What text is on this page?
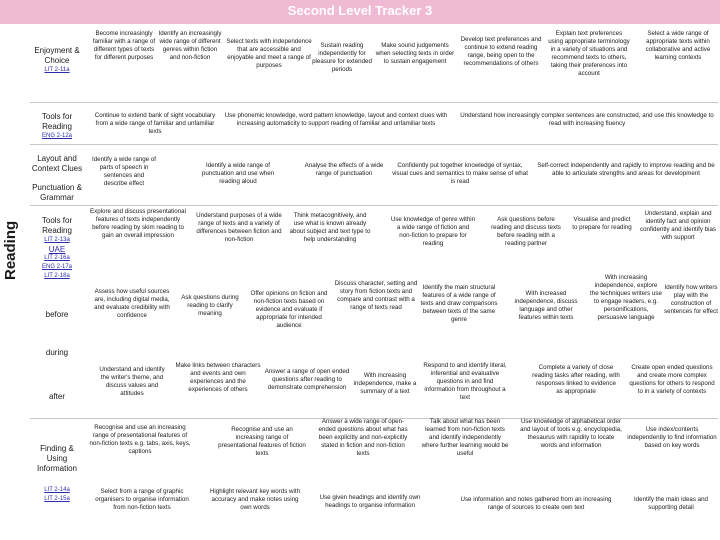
Second Level Tracker 3
Reading
Enjoyment & Choice
LIT 2-11a
Become increasingly familiar with a range of different types of texts for different purposes
Identify an increasingly wide range of different genres within fiction and non-fiction
Select texts with independence that are accessible and enjoyable and meet a range of purposes
Sustain reading independently for pleasure for extended periods
Make sound judgements when selecting texts in order to sustain engagement
Develop text preferences and continue to extend reading range, being open to the recommendations of others
Explain text preferences using appropriate terminology in a variety of situations and recommend texts to others, taking their preferences into account
Select a wide range of appropriate texts within collaborative and active learning contexts
Tools for Reading
ENG 2-12a
Continue to extend bank of sight vocabulary from a wide range of familiar and unfamiliar texts
Use phonemic knowledge, word pattern knowledge, layout and context clues with increasing automaticity to support reading of familiar and unfamiliar texts
Understand how increasingly complex sentences are constructed, and use this knowledge to read with increasing fluency
Layout and Context Clues
Punctuation & Grammar
Identify a wide range of parts of speech in sentences and describe effect
Identify a wide range of punctuation and use when reading aloud
Analyse the effects of a wide range of punctuation
Confidently put together knowledge of syntax, visual cues and semantics to make sense of what is read
Self-correct independently and rapidly to improve reading and be able to articulate strengths and areas for development
Tools for Reading
LIT 2-13a
UAE
LIT 2-16a
ENG 2-17a
LIT 2-18a
Explore and discuss presentational features of texts independently before reading by skim reading to gain an overall impression
Understand purposes of a wide range of texts and a variety of differences between fiction and non-fiction
Think metacognitively, and use what is known already about subject and text type to help understanding
Use knowledge of genre within a wide range of fiction and non-fiction to prepare for reading
Ask questions before reading and discuss texts before reading with a reading partner
Visualise and predict to prepare for reading
Understand, explain and identify fact and opinion confidently and identify bias with support
before
during
Assess how useful sources are, including digital media, and evaluate credibility with confidence
Ask questions during reading to clarify meaning
Offer opinions on fiction and non-fiction texts based on evidence and evaluate if appropriate for intended audience
Discuss character, setting and story from fiction texts and compare and contrast with a range of texts read
Identify the main structural features of a wide range of texts and draw comparisons between texts of the same genre
With increased independence, discuss language and other features within texts
With increasing independence, explore the techniques writers use to engage readers, e.g. personifications, persuasive language
Identify how writers play with the construction of sentences for effect
after
Understand and identify the writer's theme, and discuss values and attitudes
Make links between characters and events and own experiences and the experiences of others
Answer a range of open ended questions after reading to demonstrate comprehension
With increasing independence, make a summary of a text
Respond to and identify literal, inferential and evaluative questions in and find information from throughout a text
Complete a variety of close reading tasks after reading, with responses linked to evidence as appropriate
Create open ended questions and create more complex questions for others to respond to in a variety of contexts
Finding & Using Information
LIT 2-14a
LIT 2-15a
Recognise and use an increasing range of presentational features of non-fiction texts e.g. tabs, axis, keys, captions
Recognise and use an increasing range of presentational features of fiction texts
Answer a wide range of open-ended questions about what has been explicitly and non-explicitly stated in fiction and non-fiction texts
Talk about what has been learned from non-fiction texts and identify independently where further learning would be useful
Use knowledge of alphabetical order and layout of tools e.g. encyclopedia, thesaurus with rapidity to locate words and information
Use index/contents independently to find information based on key words
Select from a range of graphic organisers to organise information from non-fiction texts
Highlight relevant key words with accuracy and make notes using own words
Use given headings and identify own headings to organise information
Use information and notes gathered from an increasing range of sources to create own text
Identify the main ideas and supporting detail
